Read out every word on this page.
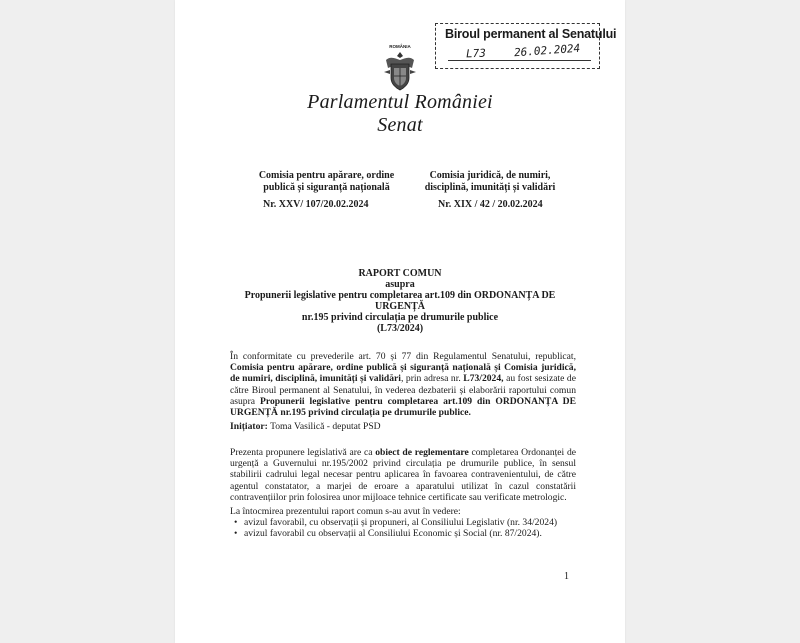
Biroul permanent al Senatului
L73	26.02.2024
ROMÂNIA
Parlamentul României
Senat
Comisia pentru apărare, ordine publică și siguranță națională
Comisia juridică, de numiri, disciplină, imunități și validări
Nr. XXV/ 107/20.02.2024	Nr. XIX / 42 / 20.02.2024
RAPORT COMUN
asupra
Propunerii legislative pentru completarea art.109 din ORDONANȚA DE URGENȚĂ
nr.195 privind circulația pe drumurile publice
(L73/2024)
În conformitate cu prevederile art. 70 și 77 din Regulamentul Senatului, republicat, Comisia pentru apărare, ordine publică și siguranță națională și Comisia juridică, de numiri, disciplină, imunități și validări, prin adresa nr. L73/2024, au fost sesizate de către Biroul permanent al Senatului, în vederea dezbaterii și elaborării raportului comun asupra Propunerii legislative pentru completarea art.109 din ORDONANȚA DE URGENȚĂ nr.195 privind circulația pe drumurile publice.
Inițiator: Toma Vasilică - deputat PSD
Prezenta propunere legislativă are ca obiect de reglementare completarea Ordonanței de urgență a Guvernului nr.195/2002 privind circulația pe drumurile publice, în sensul stabilirii cadrului legal necesar pentru aplicarea în favoarea contravenientului, de către agentul constatator, a marjei de eroare a aparatului utilizat în cazul constatării contravențiilor prin folosirea unor mijloace tehnice certificate sau verificate metrologic.
La întocmirea prezentului raport comun s-au avut în vedere:
• avizul favorabil, cu observații și propuneri, al Consiliului Legislativ (nr. 34/2024)
• avizul favorabil cu observații al Consiliului Economic și Social (nr. 87/2024).
1
